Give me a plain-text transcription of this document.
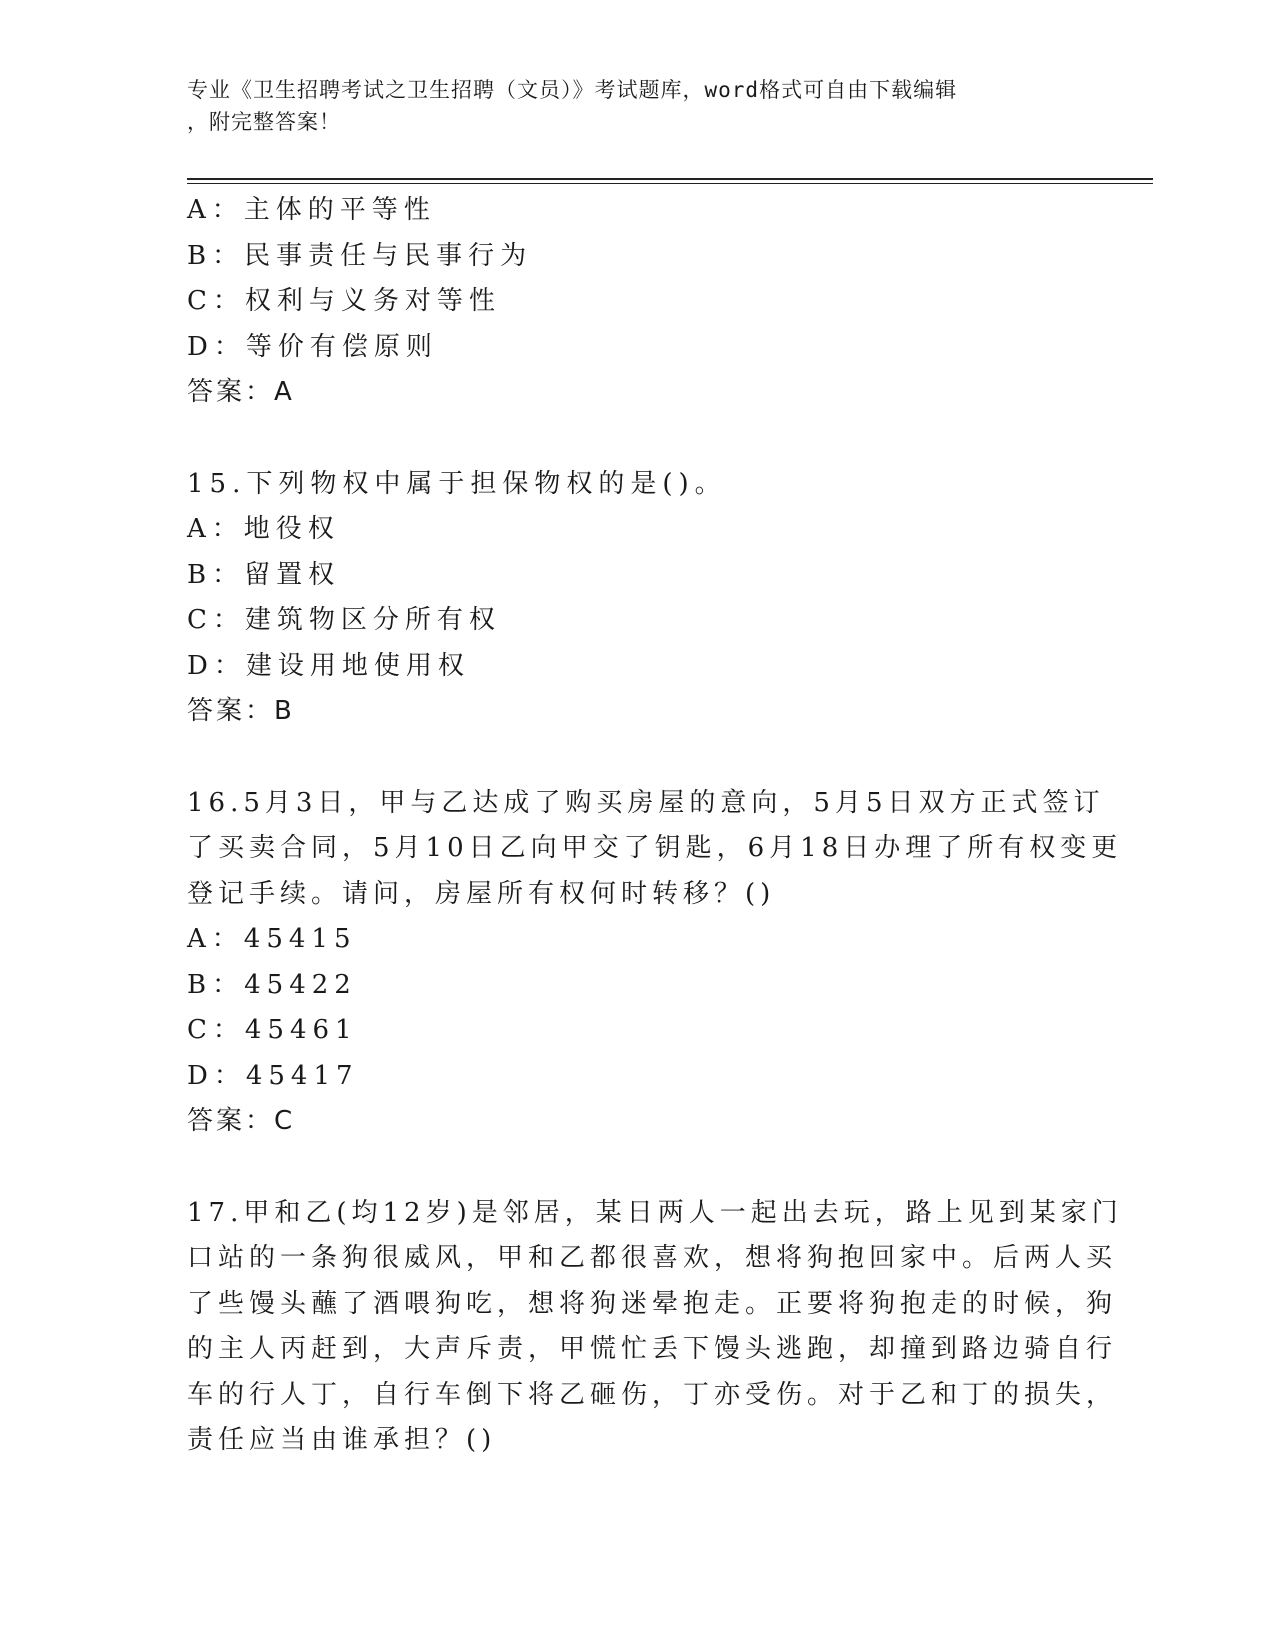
专业《卫生招聘考试之卫生招聘（文员）》考试题库，word格式可自由下载编辑
，附完整答案！
A：主体的平等性
B：民事责任与民事行为
C：权利与义务对等性
D：等价有偿原则
答案：A
15.下列物权中属于担保物权的是()。
A：地役权
B：留置权
C：建筑物区分所有权
D：建设用地使用权
答案：B
16.5月3日，甲与乙达成了购买房屋的意向，5月5日双方正式签订
了买卖合同，5月10日乙向甲交了钥匙，6月18日办理了所有权变更
登记手续。请问，房屋所有权何时转移？()
A：45415
B：45422
C：45461
D：45417
答案：C
17.甲和乙(均12岁)是邻居，某日两人一起出去玩，路上见到某家门
口站的一条狗很威风，甲和乙都很喜欢，想将狗抱回家中。后两人买
了些馒头蘸了酒喂狗吃，想将狗迷晕抱走。正要将狗抱走的时候，狗
的主人丙赶到，大声斥责，甲慌忙丢下馒头逃跑，却撞到路边骑自行
车的行人丁，自行车倒下将乙砸伤，丁亦受伤。对于乙和丁的损失，
责任应当由谁承担？()
